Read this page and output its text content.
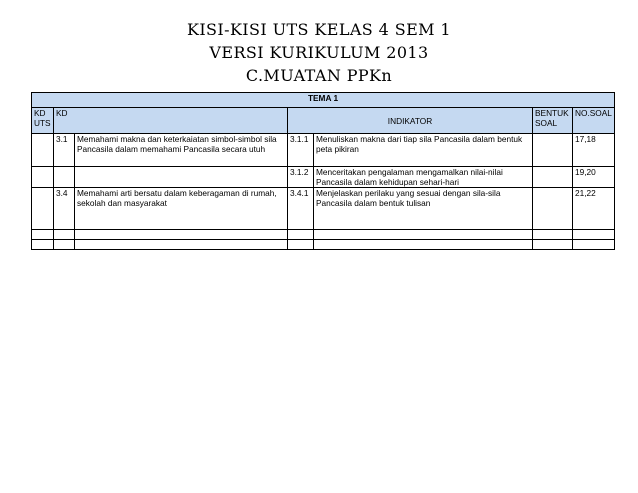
KISI-KISI UTS KELAS 4 SEM 1
VERSI KURIKULUM 2013
C.MUATAN PPKn
TEMA 1						
KD UTS	KD		INDIKATOR		BENTUK SOAL	NO.SOAL
	3.1	Memahami makna dan keterkaiatan simbol-simbol sila Pancasila dalam memahami Pancasila secara utuh	3.1.1	Menuliskan makna dari tiap sila Pancasila dalam bentuk peta pikiran		17,18
			3.1.2	Menceritakan pengalaman mengamalkan nilai-nilai Pancasila dalam kehidupan sehari-hari		19,20
	3.4	Memahami arti bersatu dalam keberagaman di rumah, sekolah dan masyarakat	3.4.1	Menjelaskan perilaku yang sesuai dengan sila-sila Pancasila dalam bentuk tulisan		21,22
